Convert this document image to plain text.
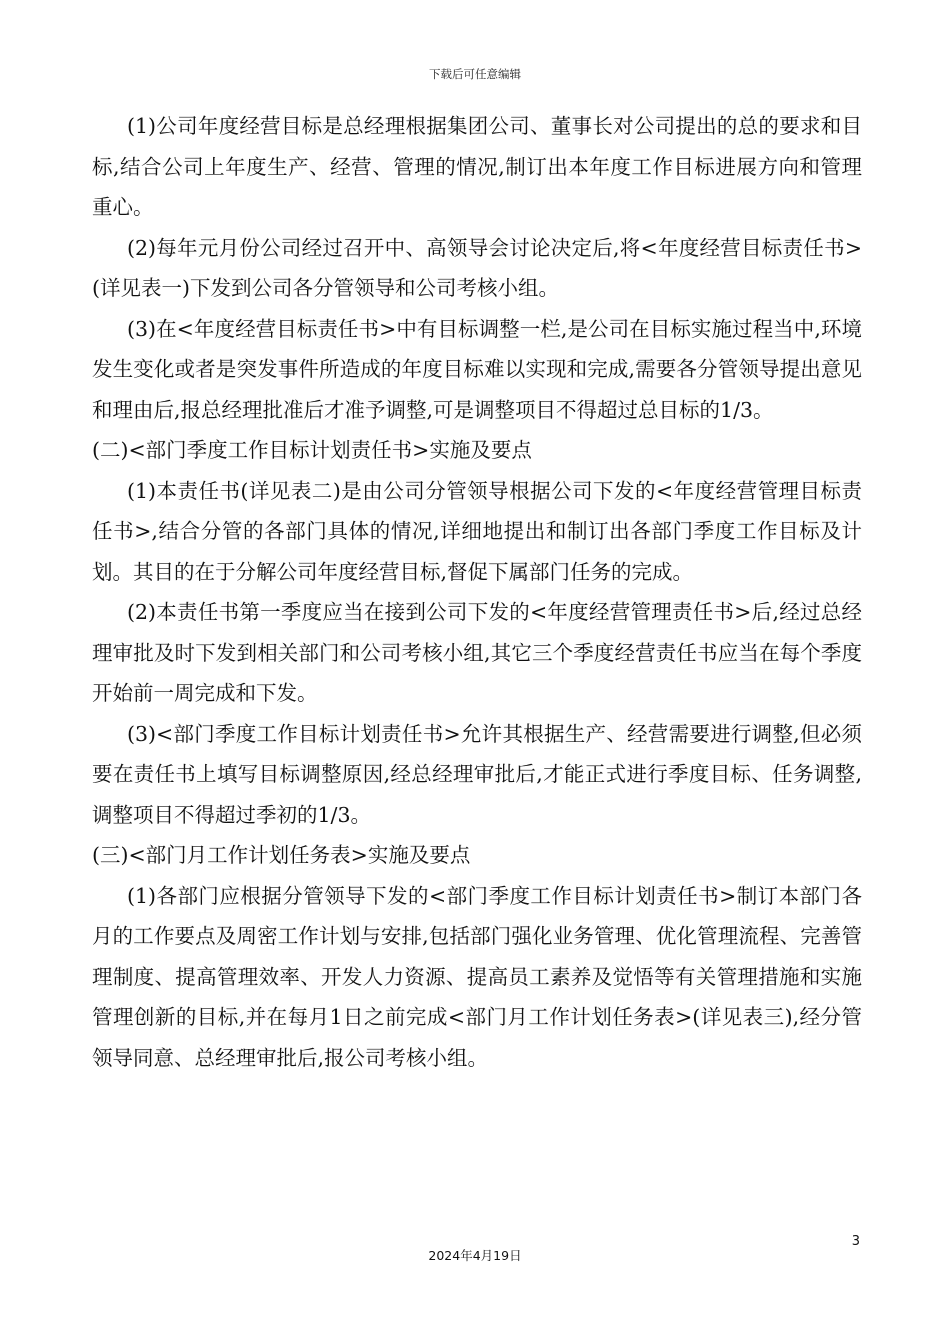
下载后可任意编辑

(1)公司年度经营目标是总经理根据集团公司、董事长对公司提出的总的要求和目标,结合公司上年度生产、经营、管理的情况,制订出本年度工作目标进展方向和管理重心。

(2)每年元月份公司经过召开中、高领导会讨论决定后,将<年度经营目标责任书>(详见表一)下发到公司各分管领导和公司考核小组。

(3)在<年度经营目标责任书>中有目标调整一栏,是公司在目标实施过程当中,环境发生变化或者是突发事件所造成的年度目标难以实现和完成,需要各分管领导提出意见和理由后,报总经理批准后才准予调整,可是调整项目不得超过总目标的1/3。

(二)<部门季度工作目标计划责任书>实施及要点

(1)本责任书(详见表二)是由公司分管领导根据公司下发的<年度经营管理目标责任书>,结合分管的各部门具体的情况,详细地提出和制订出各部门季度工作目标及计划。其目的在于分解公司年度经营目标,督促下属部门任务的完成。

(2)本责任书第一季度应当在接到公司下发的<年度经营管理责任书>后,经过总经理审批及时下发到相关部门和公司考核小组,其它三个季度经营责任书应当在每个季度开始前一周完成和下发。

(3)<部门季度工作目标计划责任书>允许其根据生产、经营需要进行调整,但必须要在责任书上填写目标调整原因,经总经理审批后,才能正式进行季度目标、任务调整,调整项目不得超过季初的1/3。

(三)<部门月工作计划任务表>实施及要点

(1)各部门应根据分管领导下发的<部门季度工作目标计划责任书>制订本部门各月的工作要点及周密工作计划与安排,包括部门强化业务管理、优化管理流程、完善管理制度、提高管理效率、开发人力资源、提高员工素养及觉悟等有关管理措施和实施管理创新的目标,并在每月1日之前完成<部门月工作计划任务表>(详见表三),经分管领导同意、总经理审批后,报公司考核小组。

3
2024年4月19日
